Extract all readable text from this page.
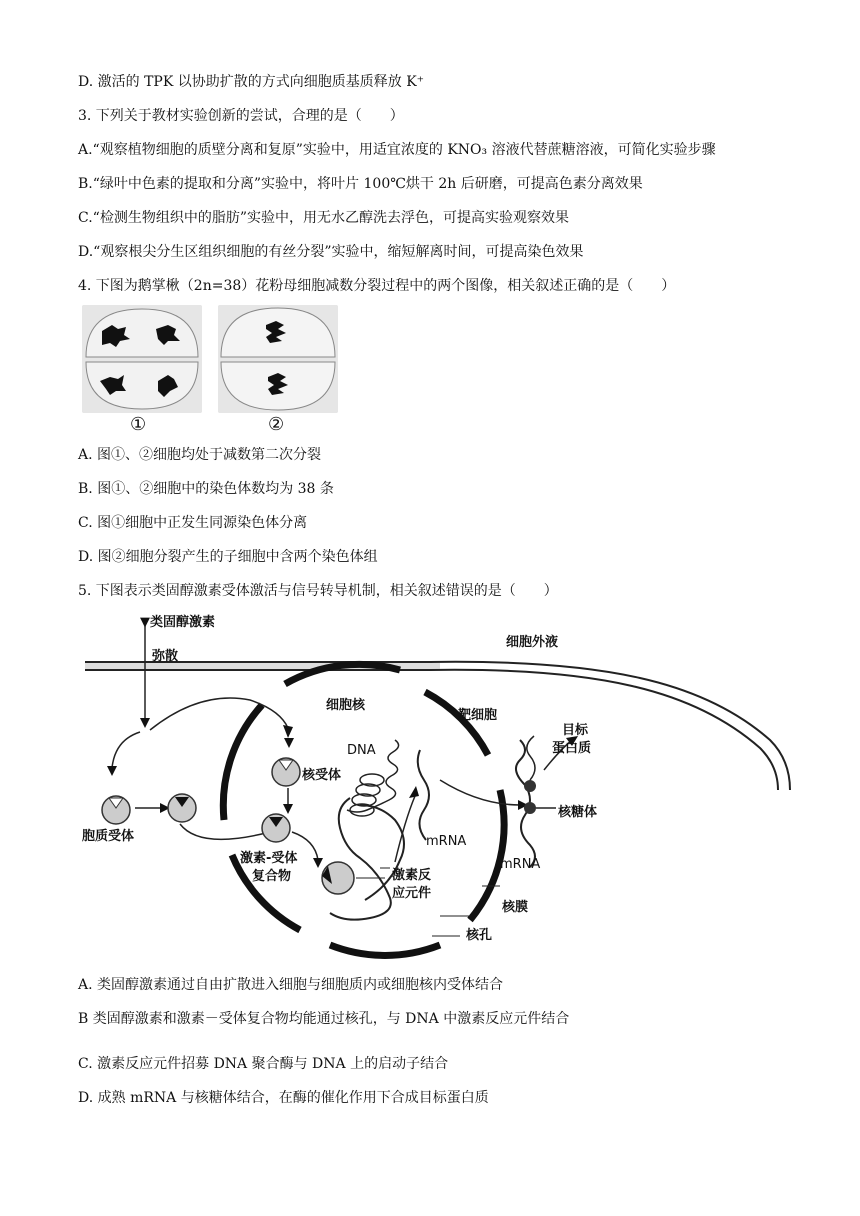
D. 激活的 TPK 以协助扩散的方式向细胞质基质释放 K⁺
3. 下列关于教材实验创新的尝试，合理的是（　　）
A.“观察植物细胞的质壁分离和复原”实验中，用适宜浓度的 KNO₃ 溶液代替蔗糖溶液，可简化实验步骤
B.“绿叶中色素的提取和分离”实验中，将叶片 100℃烘干 2h 后研磨，可提高色素分离效果
C.“检测生物组织中的脂肪”实验中，用无水乙醇洗去浮色，可提高实验观察效果
D.“观察根尖分生区组织细胞的有丝分裂”实验中，缩短解离时间，可提高染色效果
4. 下图为鹅掌楸（2n=38）花粉母细胞减数分裂过程中的两个图像，相关叙述正确的是（　　）
①	②
A. 图①、②细胞均处于减数第二次分裂
B. 图①、②细胞中的染色体数均为 38 条
C. 图①细胞中正发生同源染色体分离
D. 图②细胞分裂产生的子细胞中含两个染色体组
5. 下图表示类固醇激素受体激活与信号转导机制，相关叙述错误的是（　　）
▼类固醇激素
弥散
细胞外液
细胞核
靶细胞
目标
蛋白质
DNA
核受体
胞质受体
激素-受体
复合物
mRNA
激素反
应元件
核糖体
mRNA
核膜
核孔
A. 类固醇激素通过自由扩散进入细胞与细胞质内或细胞核内受体结合
B 类固醇激素和激素－受体复合物均能通过核孔，与 DNA 中激素反应元件结合
C. 激素反应元件招募 DNA 聚合酶与 DNA 上的启动子结合
D. 成熟 mRNA 与核糖体结合，在酶的催化作用下合成目标蛋白质
